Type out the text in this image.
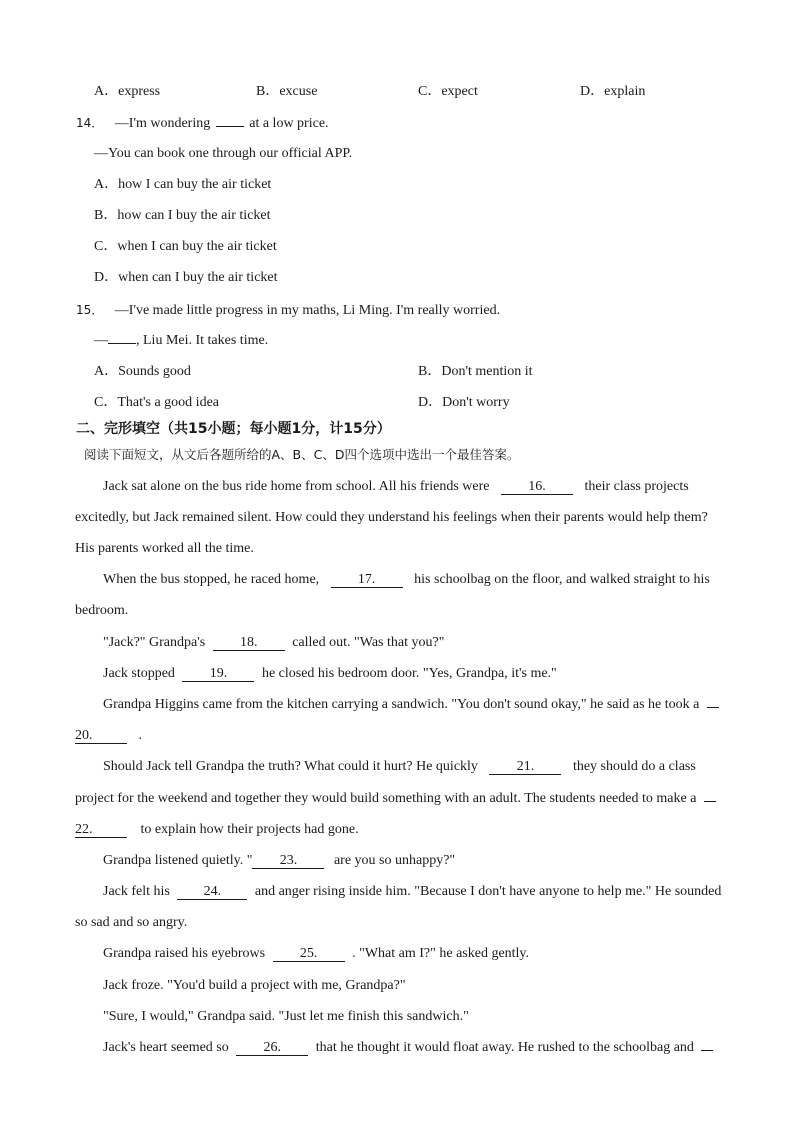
A．express	B．excuse	C．expect	D．explain
14． —I'm wondering	at a low price.
—You can book one through our official APP.
A．how I can buy the air ticket
B．how can I buy the air ticket
C．when I can buy the air ticket
D．when can I buy the air ticket
15． —I've made little progress in my maths, Li Ming. I'm really worried.
— , Liu Mei. It takes time.
A．Sounds good	B．Don't mention it
C．That's a good idea	D．Don't worry
二、完形填空（共15小题；每小题1分，计15分）
阅读下面短文，从文后各题所给的A、B、C、D四个选项中选出一个最佳答案。
Jack sat alone on the bus ride home from school. All his friends were	16.	their class projects
excitedly, but Jack remained silent. How could they understand his feelings when their parents would help them?
His parents worked all the time.
When the bus stopped, he raced home,	17.	his schoolbag on the floor, and walked straight to his
bedroom.
"Jack?" Grandpa's 18. called out. "Was that you?"
Jack stopped 19. he closed his bedroom door. "Yes, Grandpa, it's me."
Grandpa Higgins came from the kitchen carrying a sandwich. "You don't sound okay," he said as he took a
20.	.
Should Jack tell Grandpa the truth? What could it hurt? He quickly	21.	they should do a class
project for the weekend and together they would build something with an adult. The students needed to make a
22.	to explain how their projects had gone.
Grandpa listened quietly. " 23.	are you so unhappy?"
Jack felt his 24. and anger rising inside him. "Because I don't have anyone to help me." He sounded
so sad and so angry.
Grandpa raised his eyebrows 25. . "What am I?" he asked gently.
Jack froze. "You'd build a project with me, Grandpa?"
"Sure, I would," Grandpa said. "Just let me finish this sandwich."
Jack's heart seemed so 26. that he thought it would float away. He rushed to the schoolbag and
